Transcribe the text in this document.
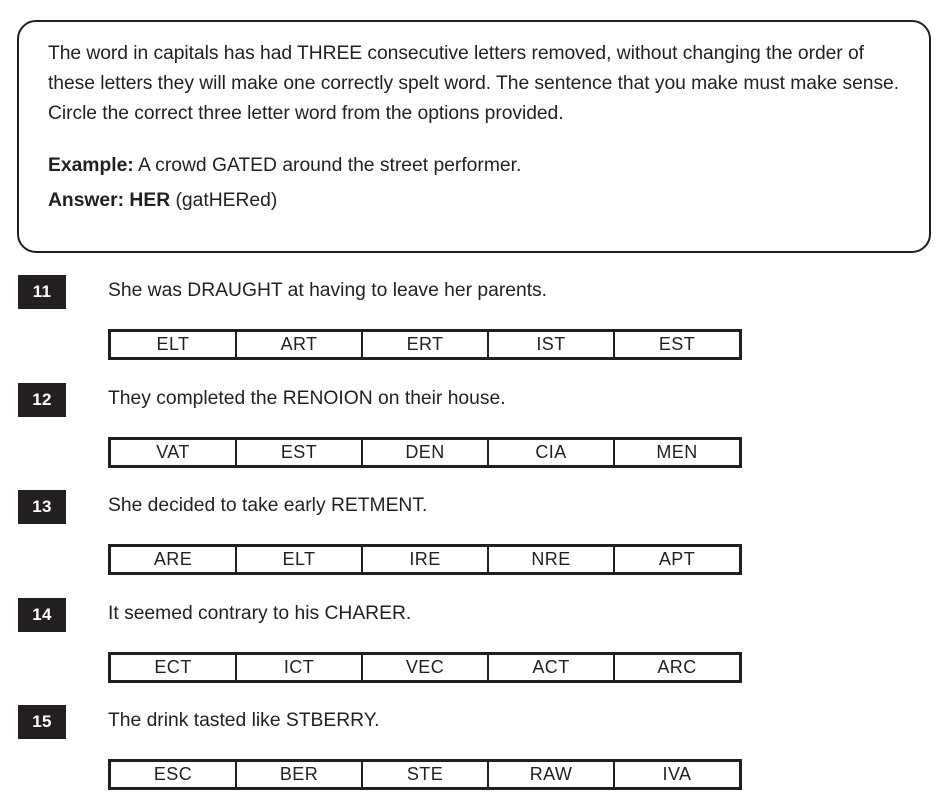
The word in capitals has had THREE consecutive letters removed, without changing the order of these letters they will make one correctly spelt word. The sentence that you make must make sense. Circle the correct three letter word from the options provided.

Example: A crowd GATED around the street performer.

Answer: HER (gatHERed)

11	She was DRAUGHT at having to leave her parents.
ELT	ART	ERT	IST	EST
12	They completed the RENOION on their house.
VAT	EST	DEN	CIA	MEN
13	She decided to take early RETMENT.
ARE	ELT	IRE	NRE	APT
14	It seemed contrary to his CHARER.
ECT	ICT	VEC	ACT	ARC
15	The drink tasted like STBERRY.
ESC	BER	STE	RAW	IVA
